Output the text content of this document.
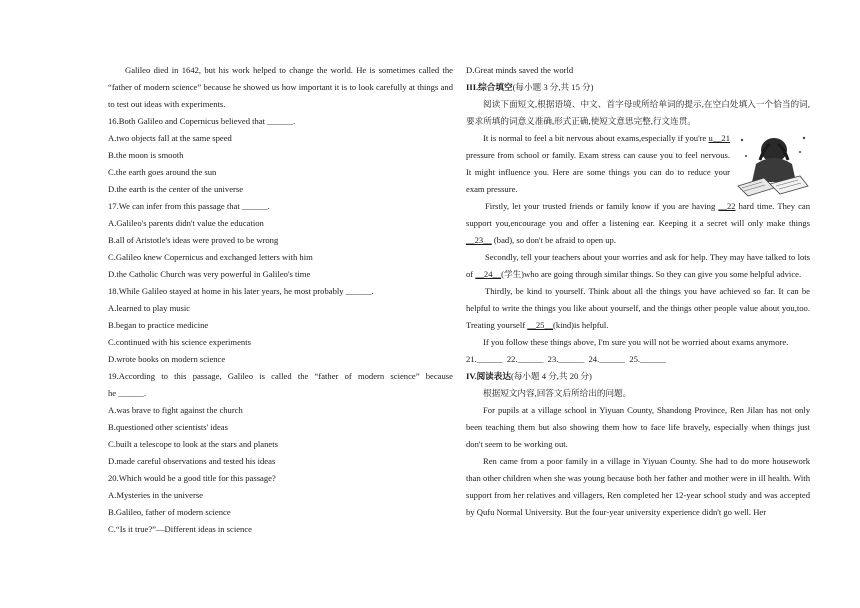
Galileo died in 1642, but his work helped to change the world. He is sometimes called the “father of modern science” because he showed us how important it is to look carefully at things and to test out ideas with experiments.

16.Both Galileo and Copernicus believed that ______.

A.two objects fall at the same speed

B.the moon is smooth

C.the earth goes around the sun

D.the earth is the center of the universe

17.We can infer from this passage that ______.

A.Galileo's parents didn't value the education

B.all of Aristotle's ideas were proved to be wrong

C.Galileo knew Copernicus and exchanged letters with him

D.the Catholic Church was very powerful in Galileo's time

18.While Galileo stayed at home in his later years, he most probably ______.

A.learned to play music

B.began to practice medicine

C.continued with his science experiments

D.wrote books on modern science

19.According to this passage, Galileo is called the “father of modern science” because

he ______.

A.was brave to fight against the church

B.questioned other scientists' ideas

C.built a telescope to look at the stars and planets

D.made careful observations and tested his ideas

20.Which would be a good title for this passage?

A.Mysteries in the universe

B.Galileo, father of modern science

C.“Is it true?”—Different ideas in science

D.Great minds saved the world

III.综合填空(每小题 3 分,共 15 分)

阅读下面短文,根据语境、中文、首字母或所给单词的提示,在空白处填入一个恰当的词,要求所填的词意义准确,形式正确,使短文意思完整,行文连贯。

It is normal to feel a bit nervous about exams,especially if you're u__21 pressure from school or family. Exam stress can cause you to feel nervous. It might influence you. Here are some things you can do to reduce your exam pressure.

Firstly, let your trusted friends or family know if you are having __22 hard time. They can support you,encourage you and offer a listening ear. Keeping it a secret will only make things __23__ (bad), so don't be afraid to open up.

Secondly, tell your teachers about your worries and ask for help. They may have talked to lots of __24__(学生)who are going through similar things. So they can give you some helpful advice.

Thirdly, be kind to yourself. Think about all the things you have achieved so far. It can be helpful to write the things you like about yourself, and the things other people value about you,too. Treating yourself __25__(kind)is helpful.

If you follow these things above, I'm sure you will not be worried about exams anymore.

21.______ 22.______ 23.______ 24.______ 25.______

IV.阅读表达(每小题 4 分,共 20 分)

根据短文内容,回答文后所给出的问题。

For pupils at a village school in Yiyuan County, Shandong Province, Ren Jilan has not only been teaching them but also showing them how to face life bravely, especially when things just don't seem to be working out.

Ren came from a poor family in a village in Yiyuan County. She had to do more housework than other children when she was young because both her father and mother were in ill health. With support from her relatives and villagers, Ren completed her 12-year school study and was accepted by Qufu Normal University. But the four-year university experience didn't go well. Her
